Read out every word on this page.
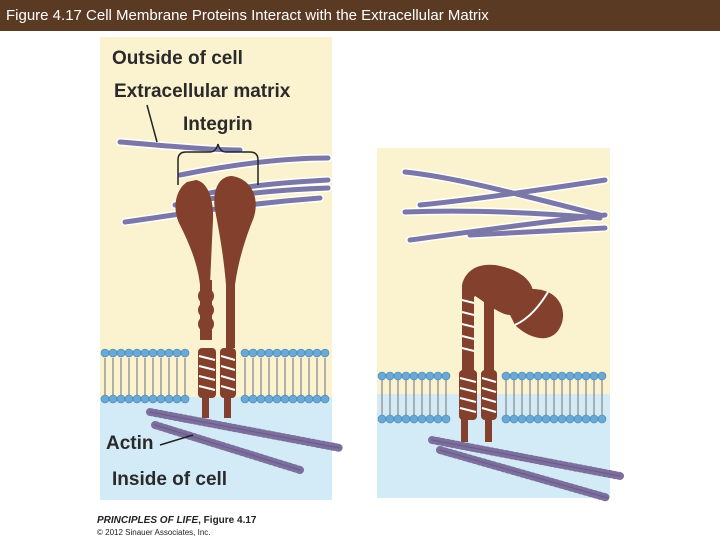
Figure 4.17 Cell Membrane Proteins Interact with the Extracellular Matrix
Outside of cell
Extracellular matrix
Integrin
Actin
Inside of cell
PRINCIPLES OF LIFE, Figure 4.17
© 2012 Sinauer Associates, Inc.
